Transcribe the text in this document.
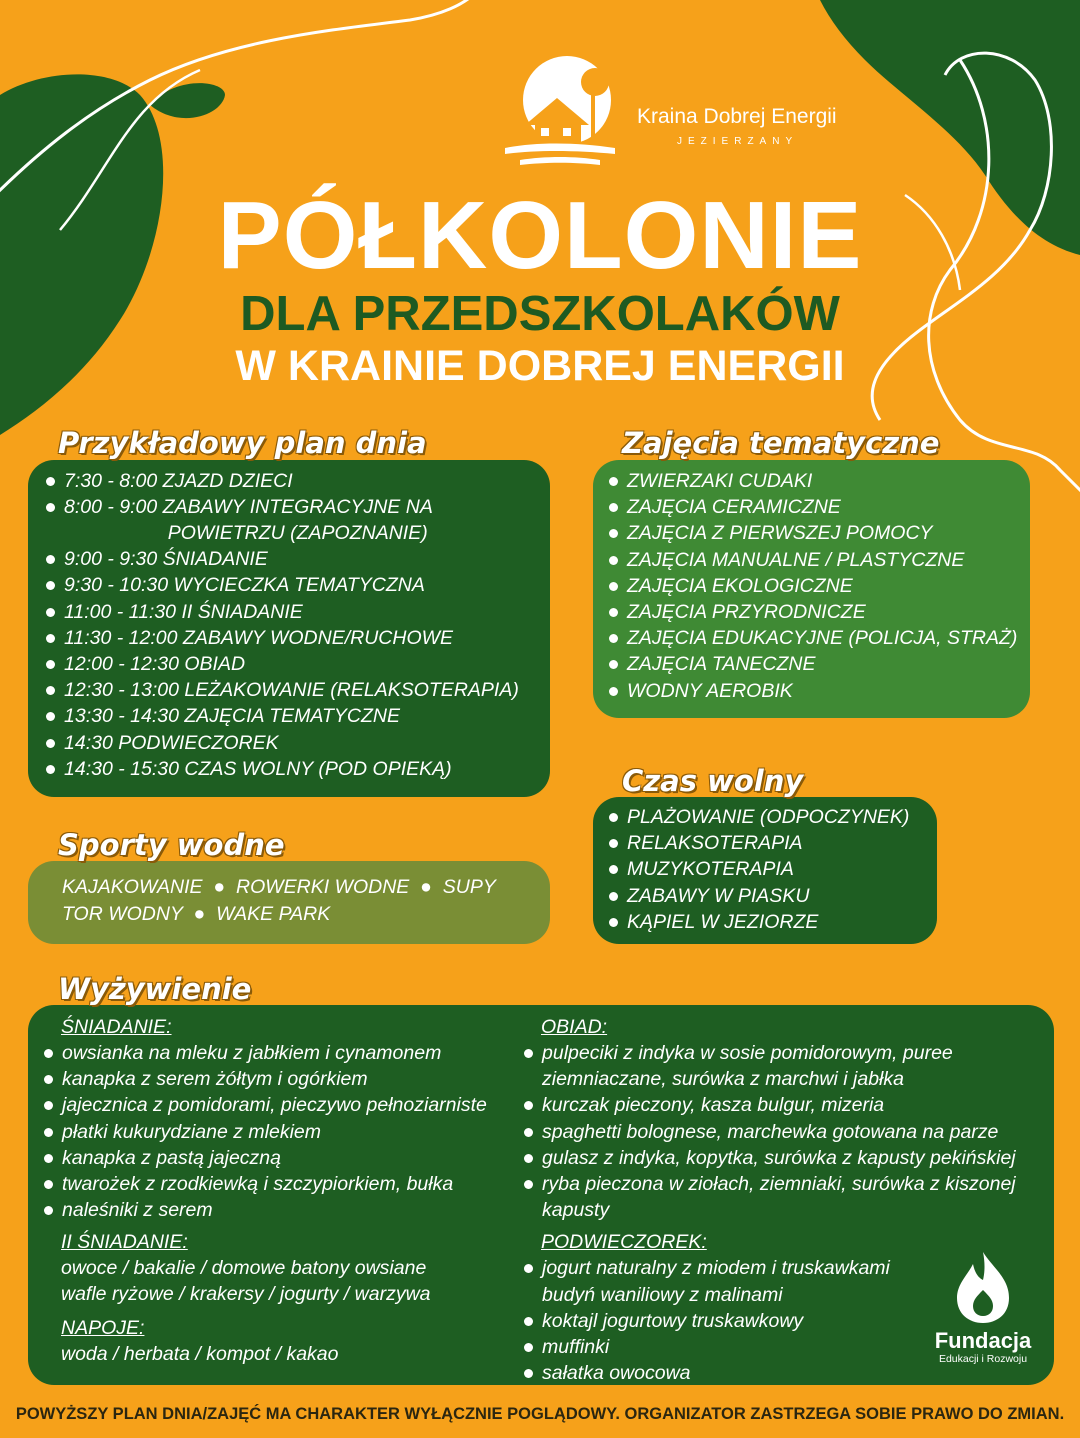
Kraina Dobrej Energii
JEZIERZANY
PÓŁKOLONIE
DLA PRZEDSZKOLAKÓW
W KRAINIE DOBREJ ENERGII
7:30 - 8:00 ZJAZD DZIECI
8:00 - 9:00 ZABAWY INTEGRACYJNE NA
POWIETRZU (ZAPOZNANIE)
9:00 - 9:30 ŚNIADANIE
9:30 - 10:30 WYCIECZKA TEMATYCZNA
11:00 - 11:30 II ŚNIADANIE
11:30 - 12:00 ZABAWY WODNE/RUCHOWE
12:00 - 12:30 OBIAD
12:30 - 13:00 LEŻAKOWANIE (RELAKSOTERAPIA)
13:30 - 14:30 ZAJĘCIA TEMATYCZNE
14:30 PODWIECZOREK
14:30 - 15:30 CZAS WOLNY (POD OPIEKĄ)
Przykładowy plan dnia
ZWIERZAKI CUDAKI
ZAJĘCIA CERAMICZNE
ZAJĘCIA Z PIERWSZEJ POMOCY
ZAJĘCIA MANUALNE / PLASTYCZNE
ZAJĘCIA EKOLOGICZNE
ZAJĘCIA PRZYRODNICZE
ZAJĘCIA EDUKACYJNE (POLICJA, STRAŻ)
ZAJĘCIA TANECZNE
WODNY AEROBIK
Zajęcia tematyczne
PLAŻOWANIE (ODPOCZYNEK)
RELAKSOTERAPIA
MUZYKOTERAPIA
ZABAWY W PIASKU
KĄPIEL W JEZIORZE
Czas wolny
KAJAKOWANIE  ●  ROWERKI WODNE  ●  SUPY
TOR WODNY  ●  WAKE PARK
Sporty wodne

ŚNIADANIE:

owsianka na mleku z jabłkiem i cynamonem
kanapka z serem żółtym i ogórkiem
jajecznica z pomidorami, pieczywo pełnoziarniste
płatki kukurydziane z mlekiem
kanapka z pastą jajeczną
twarożek z rzodkiewką i szczypiorkiem, bułka
naleśniki z serem

II ŚNIADANIE:

owoce / bakalie / domowe batony owsiane

wafle ryżowe / krakersy / jogurty / warzywa

NAPOJE:

woda / herbata / kompot / kakao

OBIAD:

pulpeciki z indyka w sosie pomidorowym, puree ziemniaczane, surówka z marchwi i jabłka
kurczak pieczony, kasza bulgur, mizeria
spaghetti bolognese, marchewka gotowana na parze
gulasz z indyka, kopytka, surówka z kapusty pekińskiej
ryba pieczona w ziołach, ziemniaki, surówka z kiszonej kapusty

PODWIECZOREK:

jogurt naturalny z miodem i truskawkami budyń waniliowy z malinami
koktajl jogurtowy truskawkowy
muffinki
sałatka owocowa
Fundacja
Edukacji i Rozwoju
Wyżywienie

POWYŻSZY PLAN DNIA/ZAJĘĆ MA CHARAKTER WYŁĄCZNIE POGLĄDOWY. ORGANIZATOR ZASTRZEGA SOBIE PRAWO DO ZMIAN.
